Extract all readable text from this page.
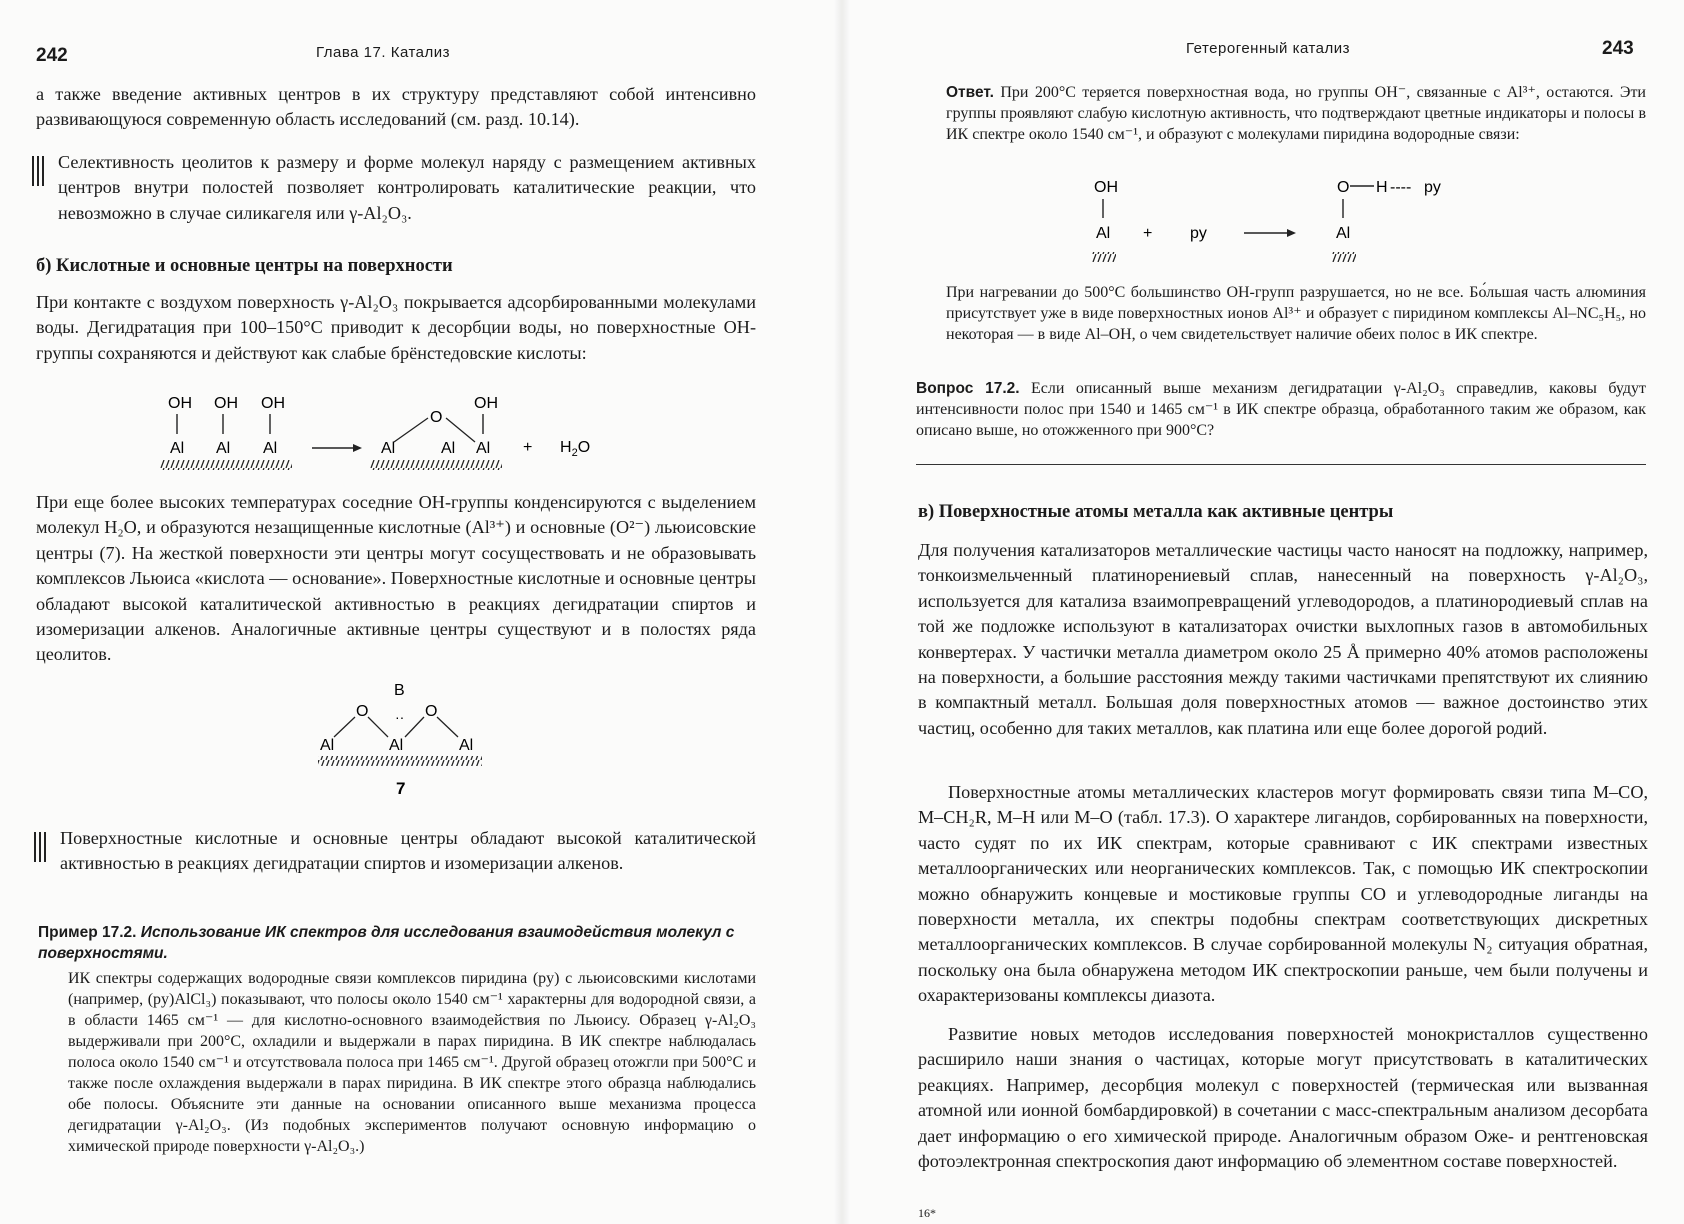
242	Глава 17. Катализ
а также введение активных центров в их структуру представляют собой интенсивно развивающуюся современную область исследований (см. разд. 10.14).
Селективность цеолитов к размеру и форме молекул наряду с размещением активных центров внутри полостей позволяет контролировать каталитические реакции, что невозможно в случае силикагеля или γ-Al₂O₃.
б) Кислотные и основные центры на поверхности
При контакте с воздухом поверхность γ-Al₂O₃ покрывается адсорбированными молекулами воды. Дегидратация при 100–150°C приводит к десорбции воды, но поверхностные OH-группы сохраняются и действуют как слабые брёнстедовские кислоты:
OH OH OH
Al Al Al
O
Al	Al
OH
$Al + H_2O$
При еще более высоких температурах соседние OH-группы конденсируются с выделением молекул H₂O, и образуются незащищенные кислотные (Al³⁺) и основные (O²⁻) льюисовские центры (7). На жесткой поверхности эти центры могут сосуществовать и не образовывать комплексов Льюиса «кислота — основание». Поверхностные кислотные и основные центры обладают высокой каталитической активностью в реакциях дегидратации спиртов и изомеризации алкенов. Аналогичные активные центры существуют и в полостях ряда цеолитов.
B
O	O
··
Al	Al	Al
7
Поверхностные кислотные и основные центры обладают высокой каталитической активностью в реакциях дегидратации спиртов и изомеризации алкенов.
Пример 17.2. Использование ИК спектров для исследования взаимодействия молекул с поверхностями.
ИК спектры содержащих водородные связи комплексов пиридина (py) с льюисовскими кислотами (например, (py)AlCl₃) показывают, что полосы около 1540 см⁻¹ характерны для водородной связи, а в области 1465 см⁻¹ — для кислотно-основного взаимодействия по Льюису. Образец γ-Al₂O₃ выдерживали при 200°C, охладили и выдержали в парах пиридина. В ИК спектре наблюдалась полоса около 1540 см⁻¹ и отсутствовала полоса при 1465 см⁻¹. Другой образец отожгли при 500°C и также после охлаждения выдержали в парах пиридина. В ИК спектре этого образца наблюдались обе полосы. Объясните эти данные на основании описанного выше механизма процесса дегидратации γ-Al₂O₃. (Из подобных экспериментов получают основную информацию о химической природе поверхности γ-Al₂O₃.)
Гетерогенный катализ	243
Ответ. При 200°C теряется поверхностная вода, но группы OH⁻, связанные с Al³⁺, остаются. Эти группы проявляют слабую кислотную активность, что подтверждают цветные индикаторы и полосы в ИК спектре около 1540 см⁻¹, и образуют с молекулами пиридина водородные связи:
OH
Al + py
O H ---- py
Al
При нагревании до 500°C большинство OH-групп разрушается, но не все. Бо́льшая часть алюминия присутствует уже в виде поверхностных ионов Al³⁺ и образует с пиридином комплексы Al–NC₅H₅, но некоторая — в виде Al–OH, о чем свидетельствует наличие обеих полос в ИК спектре.
Вопрос 17.2. Если описанный выше механизм дегидратации γ-Al₂O₃ справедлив, каковы будут интенсивности полос при 1540 и 1465 см⁻¹ в ИК спектре образца, обработанного таким же образом, как описано выше, но отожженного при 900°C?
в) Поверхностные атомы металла как активные центры
Для получения катализаторов металлические частицы часто наносят на подложку, например, тонкоизмельченный платинорениевый сплав, нанесенный на поверхность γ-Al₂O₃, используется для катализа взаимопревращений углеводородов, а платинородиевый сплав на той же подложке используют в катализаторах очистки выхлопных газов в автомобильных конвертерах. У частички металла диаметром около 25 Å примерно 40% атомов расположены на поверхности, а большие расстояния между такими частичками препятствуют их слиянию в компактный металл. Большая доля поверхностных атомов — важное достоинство этих частиц, особенно для таких металлов, как платина или еще более дорогой родий.
Поверхностные атомы металлических кластеров могут формировать связи типа M–CO, M–CH₂R, M–H или M–O (табл. 17.3). О характере лигандов, сорбированных на поверхности, часто судят по их ИК спектрам, которые сравнивают с ИК спектрами известных металлоорганических или неорганических комплексов. Так, с помощью ИК спектроскопии можно обнаружить концевые и мостиковые группы CO и углеводородные лиганды на поверхности металла, их спектры подобны спектрам соответствующих дискретных металлоорганических комплексов. В случае сорбированной молекулы N₂ ситуация обратная, поскольку она была обнаружена методом ИК спектроскопии раньше, чем были получены и охарактеризованы комплексы диазота.
Развитие новых методов исследования поверхностей монокристаллов существенно расширило наши знания о частицах, которые могут присутствовать в каталитических реакциях. Например, десорбция молекул с поверхностей (термическая или вызванная атомной или ионной бомбардировкой) в сочетании с масс-спектральным анализом десорбата дает информацию о его химической природе. Аналогичным образом Оже- и рентгеновская фотоэлектронная спектроскопия дают информацию об элементном составе поверхностей.
16*
